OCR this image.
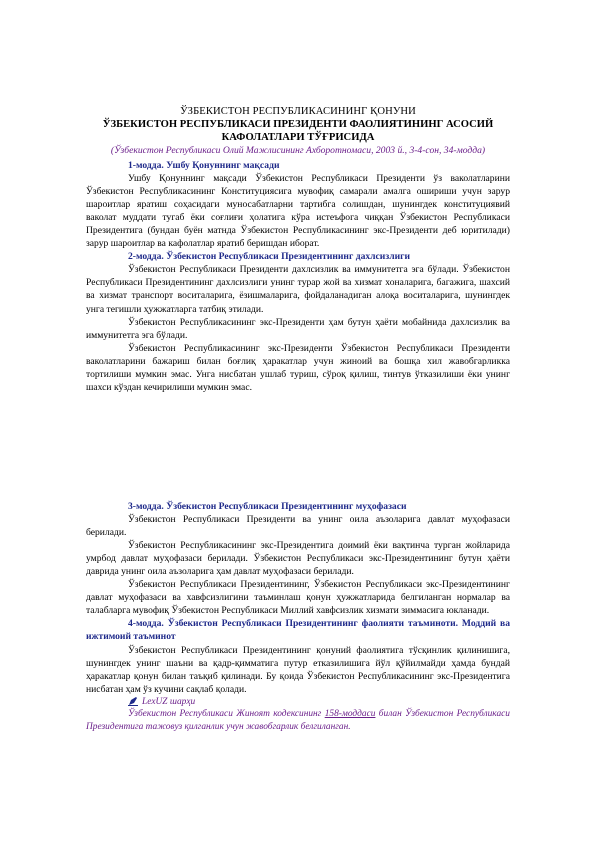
ЎЗБЕКИСТОН РЕСПУБЛИКАСИНИНГ ҚОНУНИ
ЎЗБЕКИСТОН РЕСПУБЛИКАСИ ПРЕЗИДЕНТИ ФАОЛИЯТИНИНГ АСОСИЙ
КАФОЛАТЛАРИ ТЎҒРИСИДА
(Ўзбекистон Республикаси Олий Мажлисининг Ахборотномаси, 2003 й., 3-4-сон, 34-модда)

1-модда. Ушбу Қонуннинг мақсади

Ушбу Қонуннинг мақсади Ўзбекистон Республикаси Президенти ўз ваколатларини Ўзбекистон Республикасининг Конституциясига мувофиқ самарали амалга ошириши учун зарур шароитлар яратиш соҳасидаги муносабатларни тартибга солишдан, шунингдек конституциявий ваколат муддати тугаб ёки соғлиғи ҳолатига кўра истеъфога чиққан Ўзбекистон Республикаси Президентига (бундан буён матнда Ўзбекистон Республикасининг экс-Президенти деб юритилади) зарур шароитлар ва кафолатлар яратиб беришдан иборат.

2-модда. Ўзбекистон Республикаси Президентининг дахлсизлиги

Ўзбекистон Республикаси Президенти дахлсизлик ва иммунитетга эга бўлади. Ўзбекистон Республикаси Президентининг дахлсизлиги унинг турар жой ва хизмат хоналарига, багажига, шахсий ва хизмат транспорт воситаларига, ёзишмаларига, фойдаланадиган алоқа воситаларига, шунингдек унга тегишли ҳужжатларга татбиқ этилади.

Ўзбекистон Республикасининг экс-Президенти ҳам бутун ҳаёти мобайнида дахлсизлик ва иммунитетга эга бўлади.

Ўзбекистон Республикасининг экс-Президенти Ўзбекистон Республикаси Президенти ваколатларини бажариш билан боғлиқ ҳаракатлар учун жиноий ва бошқа хил жавобгарликка тортилиши мумкин эмас. Унга нисбатан ушлаб туриш, сўроқ қилиш, тинтув ўтказилиши ёки унинг шахси кўздан кечирилиши мумкин эмас.

3-модда. Ўзбекистон Республикаси Президентининг муҳофазаси

Ўзбекистон Республикаси Президенти ва унинг оила аъзоларига давлат муҳофазаси берилади.

Ўзбекистон Республикасининг экс-Президентига доимий ёки вақтинча турган жойларида умрбод давлат муҳофазаси берилади. Ўзбекистон Республикаси экс-Президентининг бутун ҳаёти даврида унинг оила аъзоларига ҳам давлат муҳофазаси берилади.

Ўзбекистон Республикаси Президентининг, Ўзбекистон Республикаси экс-Президентининг давлат муҳофазаси ва хавфсизлигини таъминлаш қонун ҳужжатларида белгиланган нормалар ва талабларга мувофиқ Ўзбекистон Республикаси Миллий хавфсизлик хизмати зиммасига юкланади.

4-модда. Ўзбекистон Республикаси Президентининг фаолияти таъминоти. Моддий ва ижтимоий таъминот

Ўзбекистон Республикаси Президентининг қонуний фаолиятига тўсқинлик қилинишига, шунингдек унинг шаъни ва қадр-қимматига путур етказилишига йўл қўйилмайди ҳамда бундай ҳаракатлар қонун билан таъқиб қилинади. Бу қоида Ўзбекистон Республикасининг экс-Президентига нисбатан ҳам ўз кучини сақлаб қолади.

LexUZ шарҳи

Ўзбекистон Республикаси Жиноят кодексининг 158-моддаси билан Ўзбекистон Республикаси Президентига тажовуз қилганлик учун жавобгарлик белгиланган.
